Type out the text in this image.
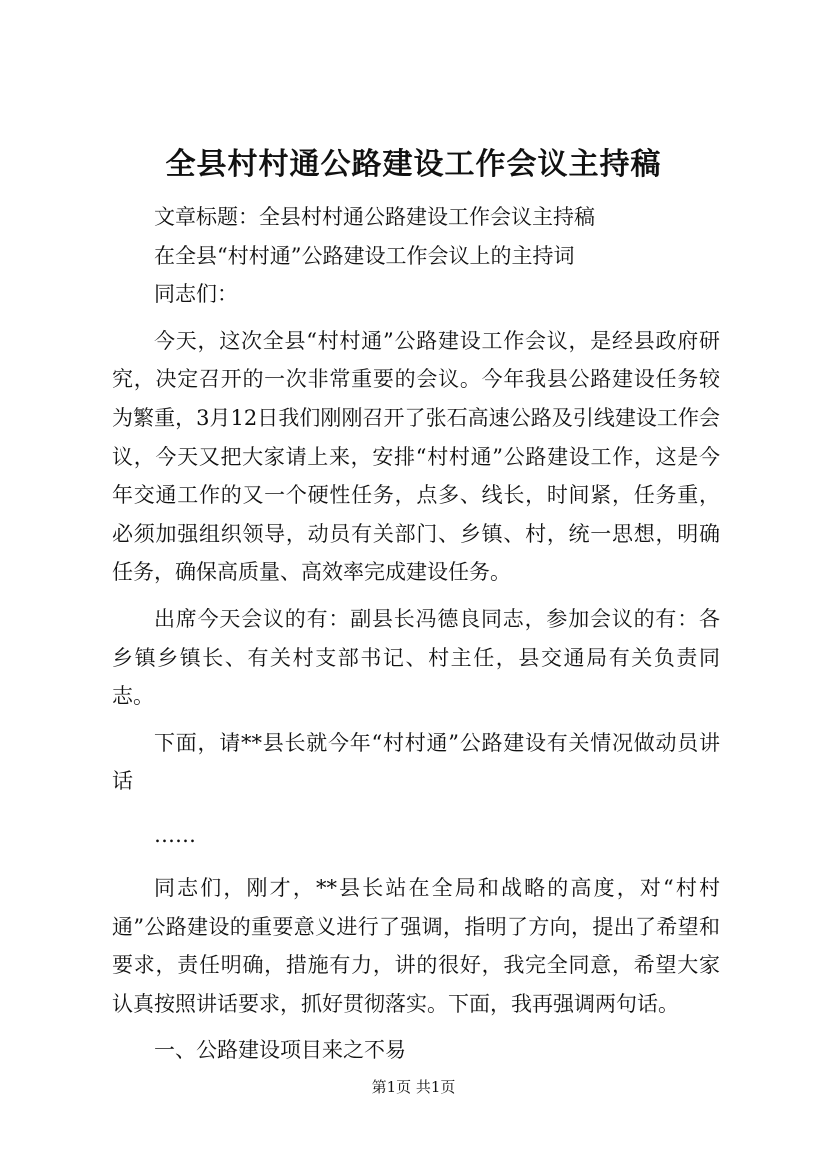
全县村村通公路建设工作会议主持稿

文章标题：全县村村通公路建设工作会议主持稿

在全县“村村通”公路建设工作会议上的主持词

同志们：

今天，这次全县“村村通”公路建设工作会议，是经县政府研究，决定召开的一次非常重要的会议。今年我县公路建设任务较为繁重，3月12日我们刚刚召开了张石高速公路及引线建设工作会议，今天又把大家请上来，安排“村村通”公路建设工作，这是今年交通工作的又一个硬性任务，点多、线长，时间紧，任务重，必须加强组织领导，动员有关部门、乡镇、村，统一思想，明确任务，确保高质量、高效率完成建设任务。

出席今天会议的有：副县长冯德良同志，参加会议的有：各乡镇乡镇长、有关村支部书记、村主任，县交通局有关负责同志。

下面，请**县长就今年“村村通”公路建设有关情况做动员讲话

……

同志们，刚才，**县长站在全局和战略的高度，对“村村通”公路建设的重要意义进行了强调，指明了方向，提出了希望和要求，责任明确，措施有力，讲的很好，我完全同意，希望大家认真按照讲话要求，抓好贯彻落实。下面，我再强调两句话。

一、公路建设项目来之不易

第1页 共1页
